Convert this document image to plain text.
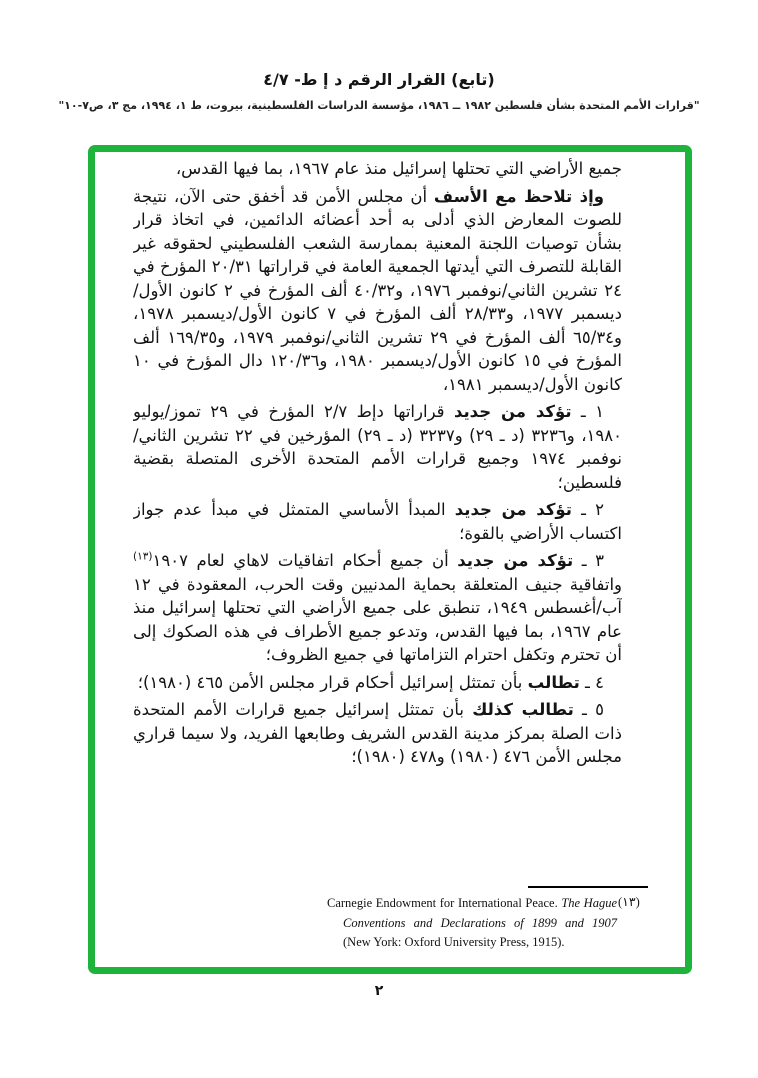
(تابع) القرار الرقم د إ ط- ٤/٧
"قرارات الأمم المتحدة بشأن فلسطين ١٩٨٢ ــ ١٩٨٦، مؤسسة الدراسات الفلسطينية، بيروت، ط ١، ١٩٩٤، مج ٣، ص٧-١٠"

جميع الأراضي التي تحتلها إسرائيل منذ عام ١٩٦٧، بما فيها القدس،

وإذ تلاحظ مع الأسف أن مجلس الأمن قد أخفق حتى الآن، نتيجة للصوت المعارض الذي أدلى به أحد أعضائه الدائمين، في اتخاذ قرار بشأن توصيات اللجنة المعنية بممارسة الشعب الفلسطيني لحقوقه غير القابلة للتصرف التي أيدتها الجمعية العامة في قراراتها ٢٠/٣١ المؤرخ في ٢٤ تشرين الثاني/نوفمبر ١٩٧٦، و٤٠/٣٢ ألف المؤرخ في ٢ كانون الأول/ديسمبر ١٩٧٧، و٢٨/٣٣ ألف المؤرخ في ٧ كانون الأول/ديسمبر ١٩٧٨، و٦٥/٣٤ ألف المؤرخ في ٢٩ تشرين الثاني/نوفمبر ١٩٧٩، و١٦٩/٣٥ ألف المؤرخ في ١٥ كانون الأول/ديسمبر ١٩٨٠، و١٢٠/٣٦ دال المؤرخ في ١٠ كانون الأول/ديسمبر ١٩٨١،

١ ـ تؤكد من جديد قراراتها دإط ٢/٧ المؤرخ في ٢٩ تموز/يوليو ١٩٨٠، و٣٢٣٦ (د ـ ٢٩) و٣٢٣٧ (د ـ ٢٩) المؤرخين في ٢٢ تشرين الثاني/نوفمبر ١٩٧٤ وجميع قرارات الأمم المتحدة الأخرى المتصلة بقضية فلسطين؛

٢ ـ تؤكد من جديد المبدأ الأساسي المتمثل في مبدأ عدم جواز اكتساب الأراضي بالقوة؛

٣ ـ تؤكد من جديد أن جميع أحكام اتفاقيات لاهاي لعام ١٩٠٧$^{(١٣)}$ واتفاقية جنيف المتعلقة بحماية المدنيين وقت الحرب، المعقودة في ١٢ آب/أغسطس ١٩٤٩، تنطبق على جميع الأراضي التي تحتلها إسرائيل منذ عام ١٩٦٧، بما فيها القدس، وتدعو جميع الأطراف في هذه الصكوك إلى أن تحترم وتكفل احترام التزاماتها في جميع الظروف؛

٤ ـ تطالب بأن تمتثل إسرائيل أحكام قرار مجلس الأمن ٤٦٥ (١٩٨٠)؛

٥ ـ تطالب كذلك بأن تمتثل إسرائيل جميع قرارات الأمم المتحدة ذات الصلة بمركز مدينة القدس الشريف وطابعها الفريد، ولا سيما قراري مجلس الأمن ٤٧٦ (١٩٨٠) و٤٧٨ (١٩٨٠)؛

(١٣)
Carnegie Endowment for International Peace. The Hague Conventions and Declarations of 1899 and 1907 (New York: Oxford University Press, 1915).
٢
